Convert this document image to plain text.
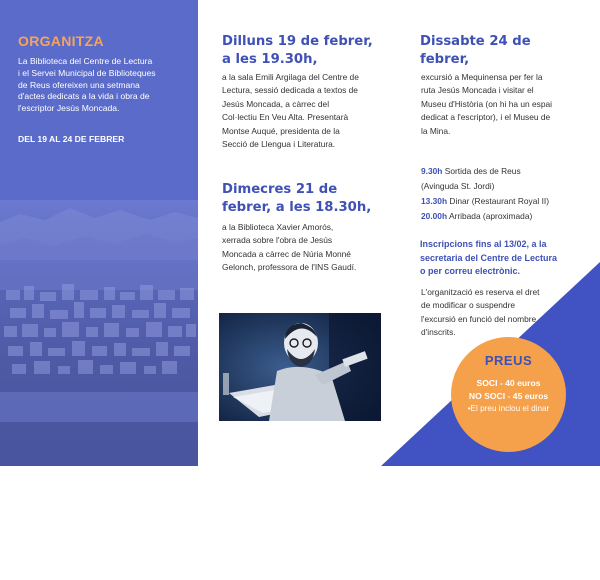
ORGANITZA
La Biblioteca del Centre de Lectura
i el Servei Municipal de Biblioteques
de Reus ofereixen una setmana
d'actes dedicats a la vida i obra de
l'escriptor Jesús Moncada.
DEL 19 AL 24 DE FEBRER
Dilluns 19 de febrer,
a les 19.30h,
a la sala Emili Argilaga del Centre de
Lectura, sessió dedicada a textos de
Jesús Moncada, a càrrec del
Col·lectiu En Veu Alta. Presentarà
Montse Auqué, presidenta de la
Secció de Llengua i Literatura.
Dimecres 21 de
febrer, a les 18.30h,
a la Biblioteca Xavier Amorós,
xerrada sobre l'obra de Jesús
Moncada a càrrec de Núria Monné
Gelonch, professora de l'INS Gaudí.
Dissabte 24 de
febrer,
excursió a Mequinensa per fer la
ruta Jesús Moncada i visitar el
Museu d'Història (on hi ha un espai
dedicat a l'escriptor), i el Museu de
la Mina.
9.30h Sortida des de Reus
(Avinguda St. Jordi)
13.30h Dinar (Restaurant Royal II)
20.00h Arribada (aproximada)
Inscripcions fins al 13/02, a la
secretaria del Centre de Lectura
o per correu electrònic.
L'organització es reserva el dret
de modificar o suspendre
l'excursió en funció del nombre
d'inscrits.
PREUS
SOCI - 40 euros
NO SOCI - 45 euros
•El preu inclou el dinar
